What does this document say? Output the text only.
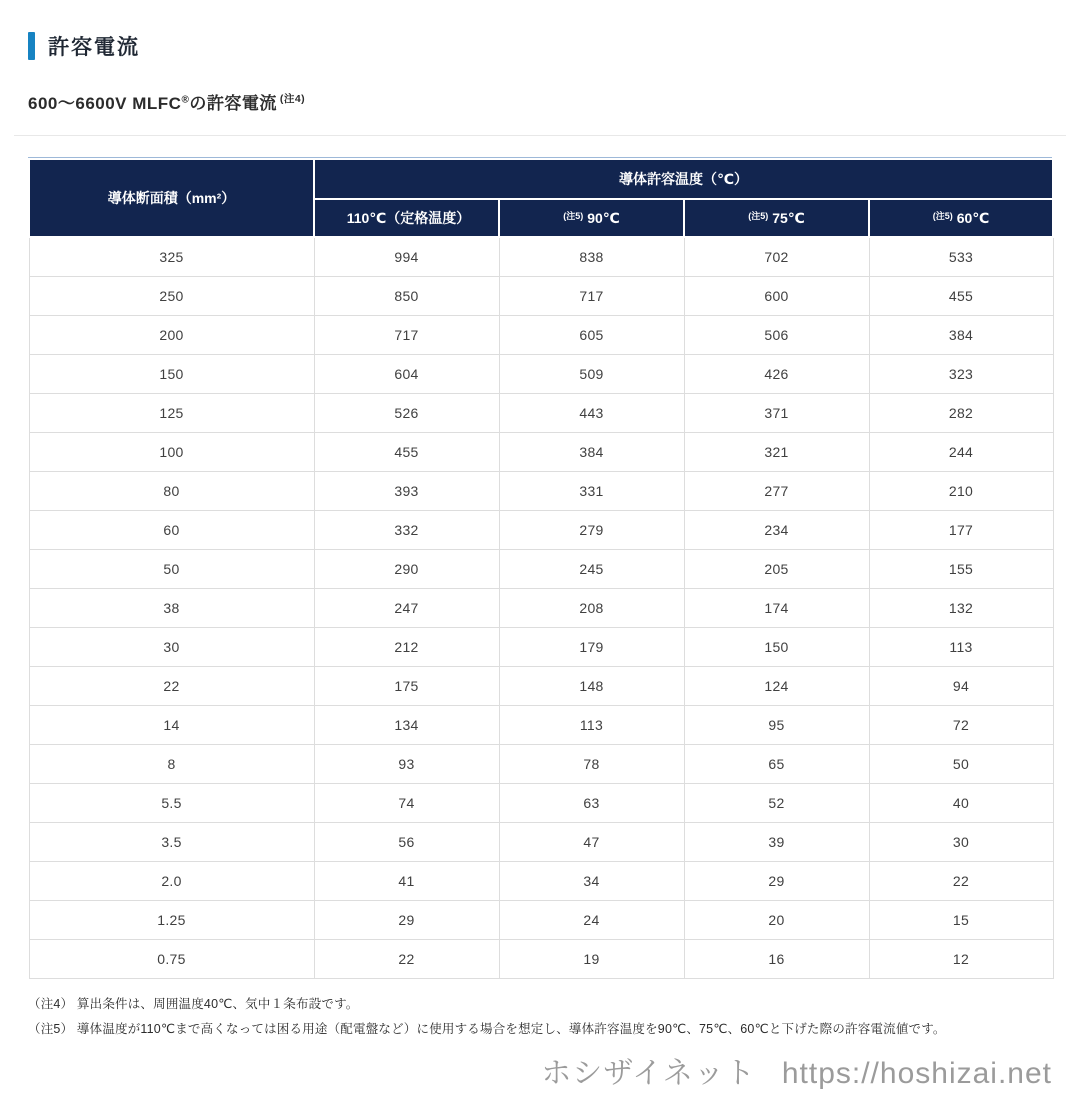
許容電流
600〜6600V MLFC®の許容電流 $^{(注4)}$
導体断面積（mm²）	導体許容温度（℃）			
	110℃（定格温度）	$^{(注5)}$ 90℃	$^{(注5)}$ 75℃	$^{(注5)}$ 60℃
325	994	838	702	533
250	850	717	600	455
200	717	605	506	384
150	604	509	426	323
125	526	443	371	282
100	455	384	321	244
80	393	331	277	210
60	332	279	234	177
50	290	245	205	155
38	247	208	174	132
30	212	179	150	113
22	175	148	124	94
14	134	113	95	72
8	93	78	65	50
5.5	74	63	52	40
3.5	56	47	39	30
2.0	41	34	29	22
1.25	29	24	20	15
0.75	22	19	16	12

（注4） 算出条件は、周囲温度40℃、気中１条布設です。

（注5） 導体温度が110℃まで高くなっては困る用途（配電盤など）に使用する場合を想定し、導体許容温度を90℃、75℃、60℃と下げた際の許容電流値です。

ホシザイネット https://hoshizai.net
